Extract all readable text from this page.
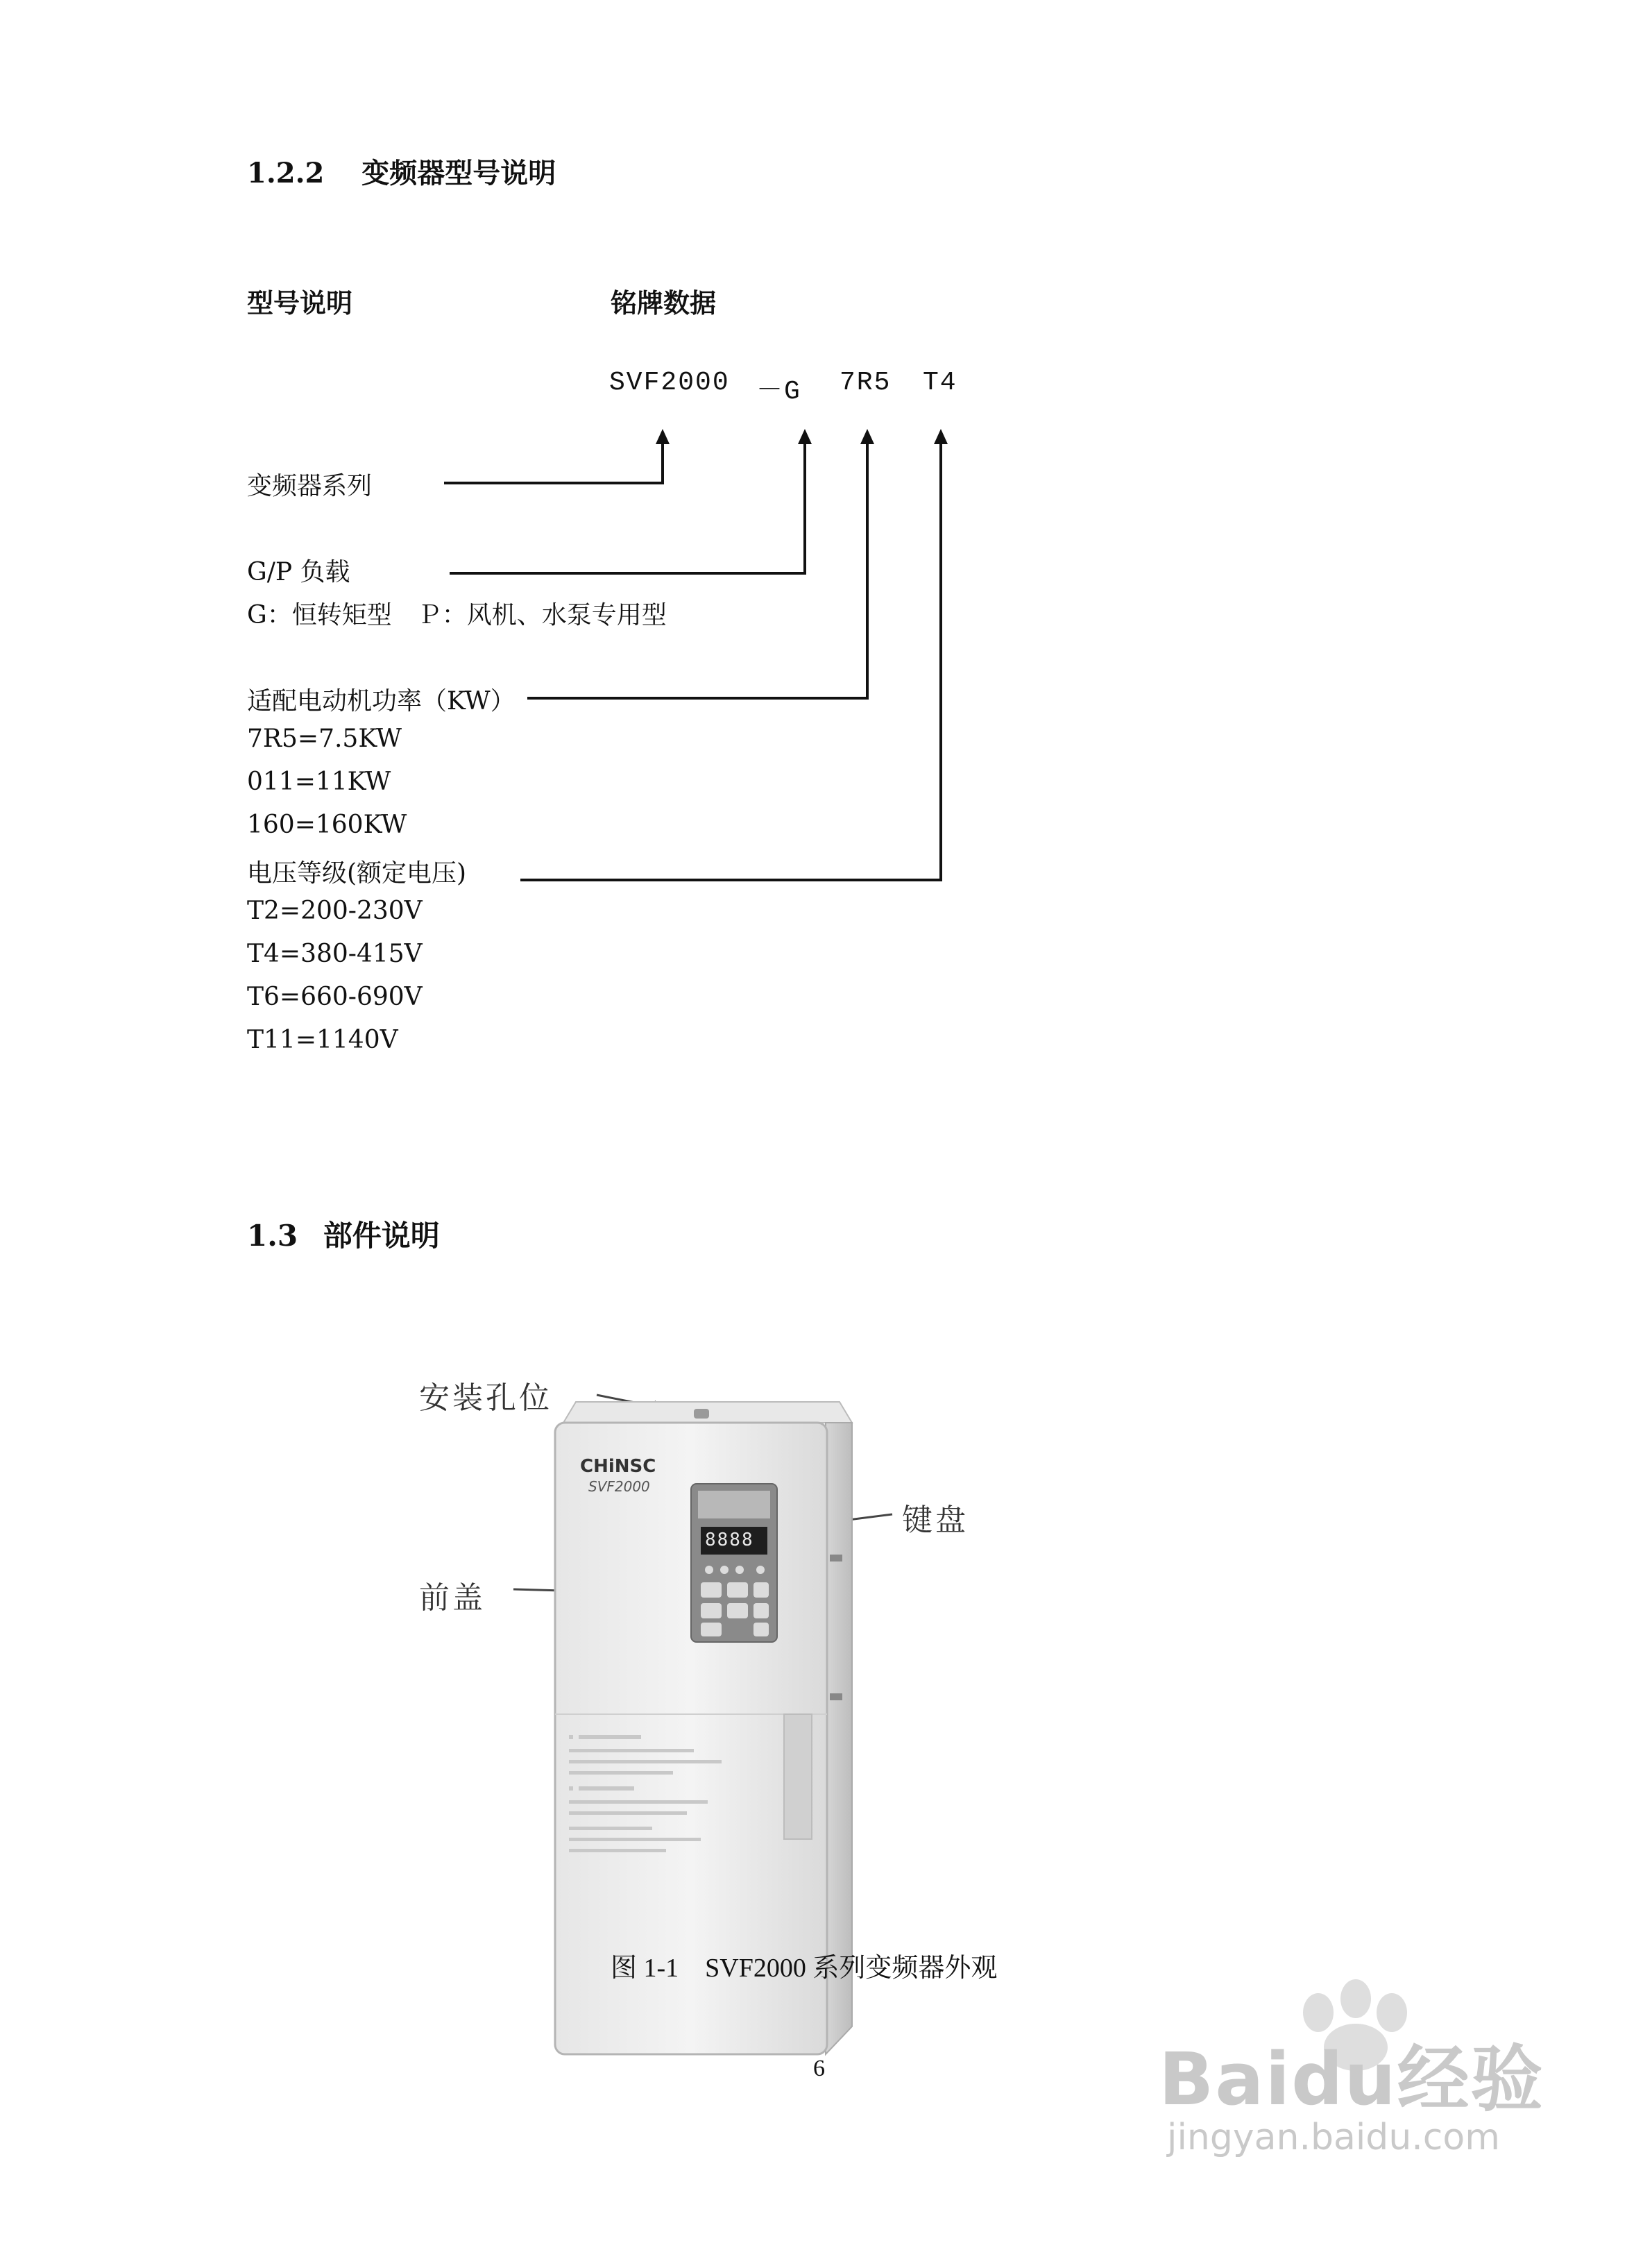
1.2.2 变频器型号说明
型号说明	铭牌数据
SVF2000 －G 7R5 T4
变频器系列
G/P 负载
G：恒转矩型　Ｐ：风机、水泵专用型
适配电动机功率（KW）
7R5=7.5KW
011=11KW
160=160KW
电压等级(额定电压)
T2=200-230V
T4=380-415V
T6=660-690V
T11=1140V
1.3 部件说明
安装孔位
键盘
前盖
CHiNSC
SVF2000
8888
图 1-1　SVF2000 系列变频器外观
6	Baidu经验
jingyan.baidu.com
